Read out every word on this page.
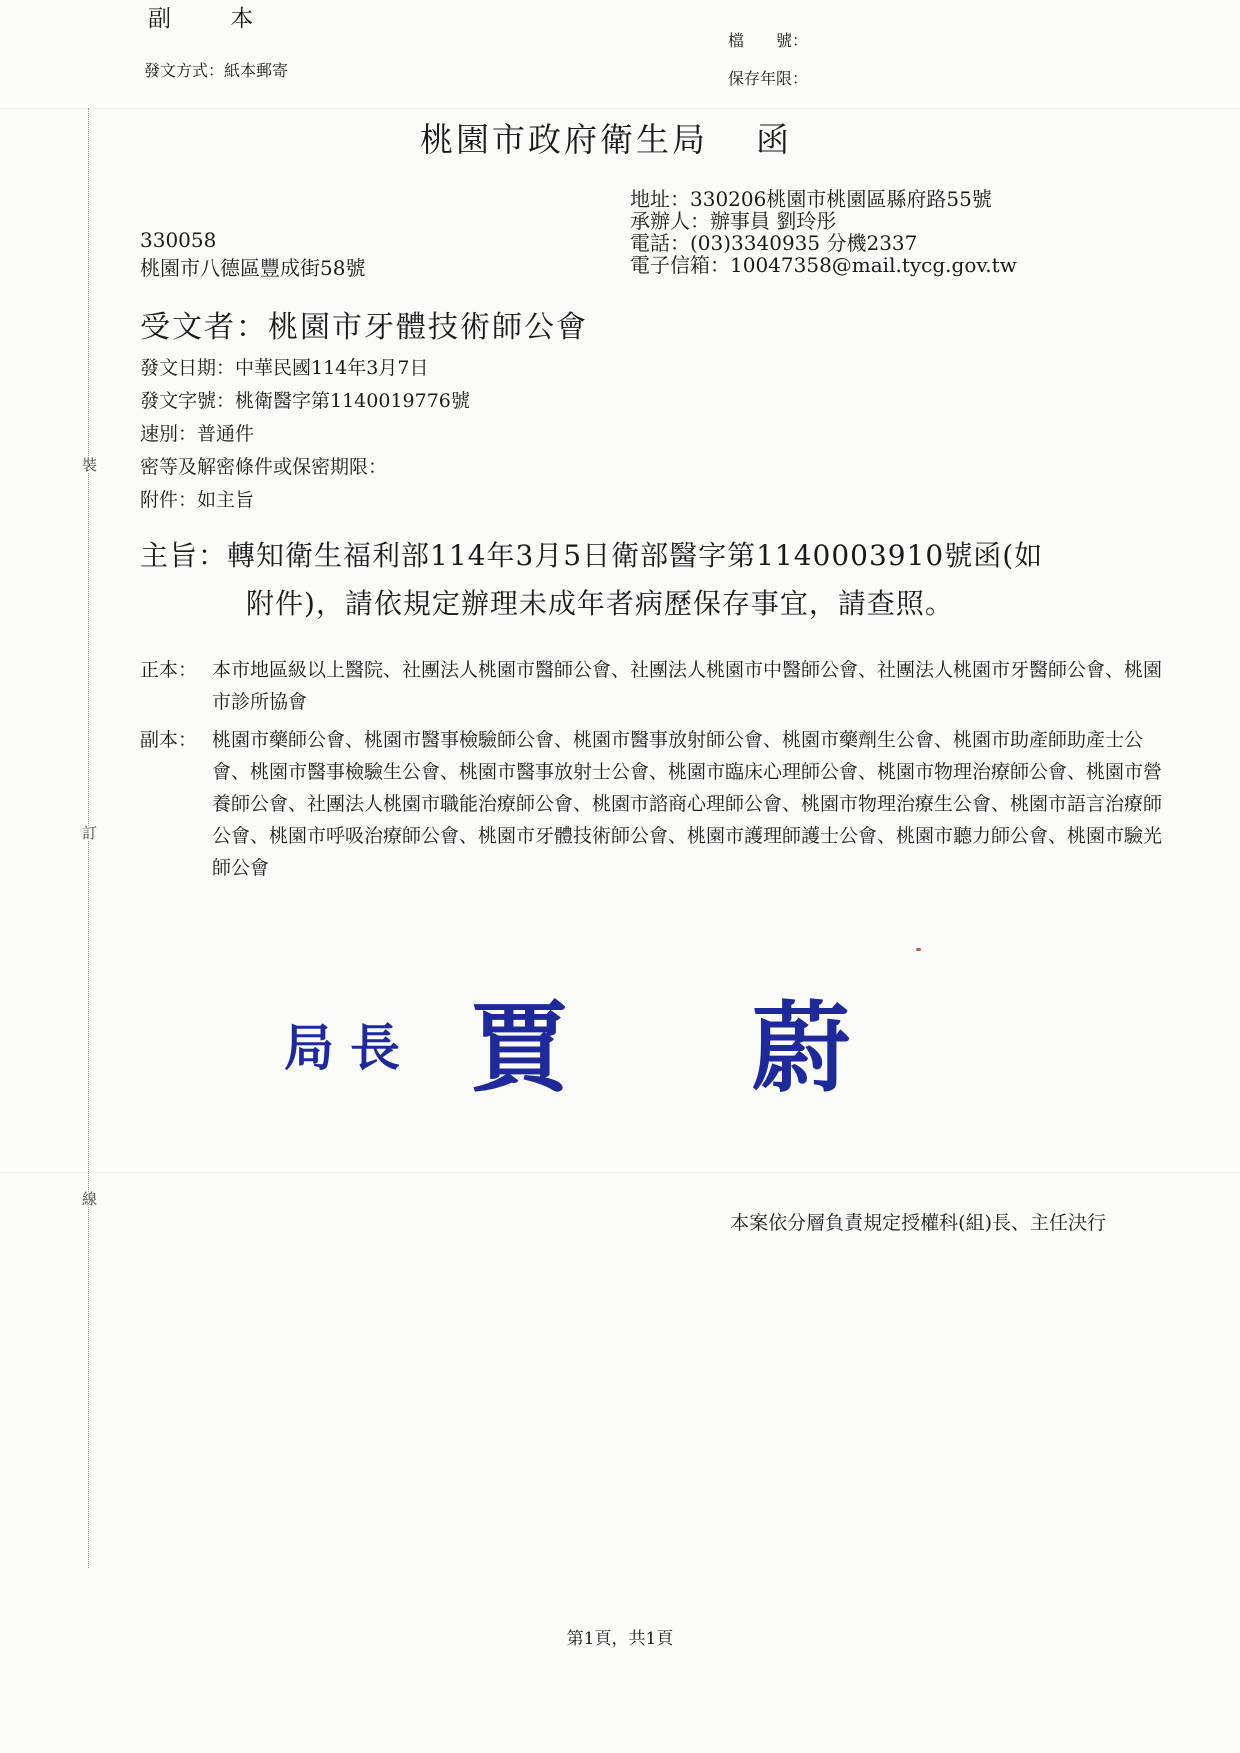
裝
訂
線
副 本
發文方式：紙本郵寄
檔　　號：
保存年限：
桃園市政府衛生局 函
地址：330206桃園市桃園區縣府路55號
承辦人：辦事員 劉玲彤
電話：(03)3340935 分機2337
電子信箱：10047358@mail.tycg.gov.tw
330058
桃園市八德區豐成街58號
受文者：桃園市牙體技術師公會
發文日期：中華民國114年3月7日
發文字號：桃衛醫字第1140019776號
速別：普通件
密等及解密條件或保密期限：
附件：如主旨
主旨：轉知衛生福利部114年3月5日衛部醫字第1140003910號函(如
附件)，請依規定辦理未成年者病歷保存事宜，請查照。
正本： 本市地區級以上醫院、社團法人桃園市醫師公會、社團法人桃園市中醫師公會、社團法人桃園市牙醫師公會、桃園市診所協會
副本： 桃園市藥師公會、桃園市醫事檢驗師公會、桃園市醫事放射師公會、桃園市藥劑生公會、桃園市助產師助產士公會、桃園市醫事檢驗生公會、桃園市醫事放射士公會、桃園市臨床心理師公會、桃園市物理治療師公會、桃園市營養師公會、社團法人桃園市職能治療師公會、桃園市諮商心理師公會、桃園市物理治療生公會、桃園市語言治療師公會、桃園市呼吸治療師公會、桃園市牙體技術師公會、桃園市護理師護士公會、桃園市聽力師公會、桃園市驗光師公會
局長 賈 蔚
本案依分層負責規定授權科(組)長、主任決行
第1頁，共1頁
